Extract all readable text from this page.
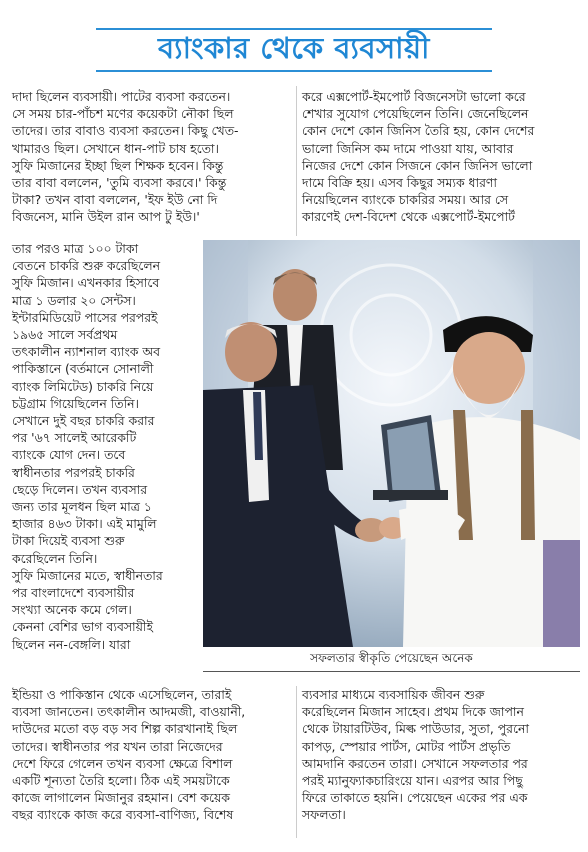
ব্যাংকার থেকে ব্যবসায়ী

দাদা ছিলেন ব্যবসায়ী। পাটের ব্যবসা করতেন।

সে সময় চার-পাঁচশ মণের কয়েকটা নৌকা ছিল

তাদের। তার বাবাও ব্যবসা করতেন। কিছু খেত-

খামারও ছিল। সেখানে ধান-পাট চাষ হতো।

সুফি মিজানের ইচ্ছা ছিল শিক্ষক হবেন। কিন্তু

তার বাবা বললেন, 'তুমি ব্যবসা করবে।' কিন্তু

টাকা? তখন বাবা বললেন, 'ইফ ইউ নো দি

বিজনেস, মানি উইল রান আপ টু ইউ।'

করে এক্সপোর্ট-ইমপোর্ট বিজনেসটা ভালো করে

শেখার সুযোগ পেয়েছিলেন তিনি। জেনেছিলেন

কোন দেশে কোন জিনিস তৈরি হয়, কোন দেশের

ভালো জিনিস কম দামে পাওয়া যায়, আবার

নিজের দেশে কোন সিজনে কোন জিনিস ভালো

দামে বিক্রি হয়। এসব কিছুর সম্যক ধারণা

নিয়েছিলেন ব্যাংকে চাকরির সময়। আর সে

কারণেই দেশ-বিদেশ থেকে এক্সপোর্ট-ইমপোর্ট

তার পরও মাত্র ১০০ টাকা

বেতনে চাকরি শুরু করেছিলেন

সুফি মিজান। এখনকার হিসাবে

মাত্র ১ ডলার ২০ সেন্টস।

ইন্টারমিডিয়েট পাসের পরপরই

১৯৬৫ সালে সর্বপ্রথম

তৎকালীন ন্যাশনাল ব্যাংক অব

পাকিস্তানে (বর্তমানে সোনালী

ব্যাংক লিমিটেড) চাকরি নিয়ে

চট্টগ্রাম গিয়েছিলেন তিনি।

সেখানে দুই বছর চাকরি করার

পর '৬৭ সালেই আরেকটি

ব্যাংকে যোগ দেন। তবে

স্বাধীনতার পরপরই চাকরি

ছেড়ে দিলেন। তখন ব্যবসার

জন্য তার মূলধন ছিল মাত্র ১

হাজার ৪৬৩ টাকা। এই মামুলি

টাকা দিয়েই ব্যবসা শুরু

করেছিলেন তিনি।

সুফি মিজানের মতে, স্বাধীনতার

পর বাংলাদেশে ব্যবসায়ীর

সংখ্যা অনেক কমে গেল।

কেননা বেশির ভাগ ব্যবসায়ীই

ছিলেন নন-বেঙ্গলি। যারা

সফলতার স্বীকৃতি পেয়েছেন অনেক

ইন্ডিয়া ও পাকিস্তান থেকে এসেছিলেন, তারাই

ব্যবসা জানতেন। তৎকালীন আদমজী, বাওয়ানী,

দাউদের মতো বড় বড় সব শিল্প কারখানাই ছিল

তাদের। স্বাধীনতার পর যখন তারা নিজেদের

দেশে ফিরে গেলেন তখন ব্যবসা ক্ষেত্রে বিশাল

একটি শূন্যতা তৈরি হলো। ঠিক এই সময়টাকে

কাজে লাগালেন মিজানুর রহমান। বেশ কয়েক

বছর ব্যাংকে কাজ করে ব্যবসা-বাণিজ্য, বিশেষ

ব্যবসার মাধ্যমে ব্যবসায়িক জীবন শুরু

করেছিলেন মিজান সাহেব। প্রথম দিকে জাপান

থেকে টায়ারটিউব, মিল্ক পাউডার, সুতা, পুরনো

কাপড়, স্পেয়ার পার্টস, মোটর পার্টস প্রভৃতি

আমদানি করতেন তারা। সেখানে সফলতার পর

পরই ম্যানুফ্যাকচারিংয়ে যান। এরপর আর পিছু

ফিরে তাকাতে হয়নি। পেয়েছেন একের পর এক

সফলতা।
